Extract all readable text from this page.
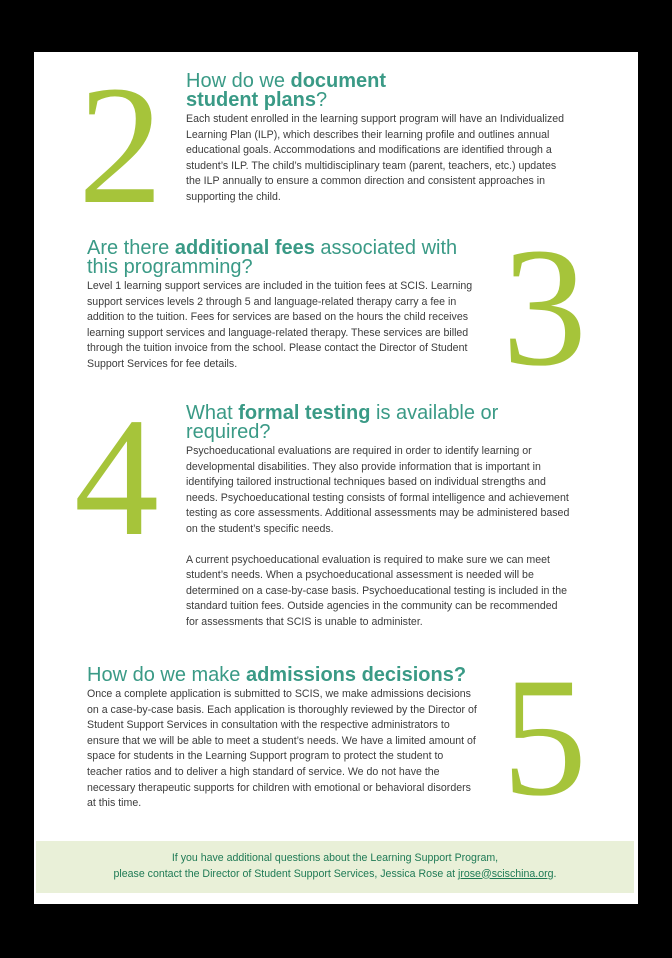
2 How do we document
student plans?

Each student enrolled in the learning support program will have an Individualized Learning Plan (ILP), which describes their learning profile and outlines annual educational goals. Accommodations and modifications are identified through a student’s ILP. The child’s multidisciplinary team (parent, teachers, etc.) updates the ILP annually to ensure a common direction and consistent approaches in supporting the child.

3
Are there additional fees associated with this programming?

Level 1 learning support services are included in the tuition fees at SCIS. Learning support services levels 2 through 5 and language-related therapy carry a fee in addition to the tuition. Fees for services are based on the hours the child receives learning support services and language-related therapy. These services are billed through the tuition invoice from the school. Please contact the Director of Student Support Services for fee details.

4 What formal testing is available or required?

Psychoeducational evaluations are required in order to identify learning or developmental disabilities. They also provide information that is important in identifying tailored instructional techniques based on individual strengths and needs. Psychoeducational testing consists of formal intelligence and achievement testing as core assessments. Additional assessments may be administered based on the student’s specific needs.

A current psychoeducational evaluation is required to make sure we can meet student’s needs. When a psychoeducational assessment is needed will be determined on a case-by-case basis. Psychoeducational testing is included in the standard tuition fees. Outside agencies in the community can be recommended for assessments that SCIS is unable to administer.

5
How do we make admissions decisions?

Once a complete application is submitted to SCIS, we make admissions decisions on a case-by-case basis. Each application is thoroughly reviewed by the Director of Student Support Services in consultation with the respective administrators to ensure that we will be able to meet a student’s needs. We have a limited amount of space for students in the Learning Support program to protect the student to teacher ratios and to deliver a high standard of service. We do not have the necessary therapeutic supports for children with emotional or behavioral disorders at this time.

If you have additional questions about the Learning Support Program,
please contact the Director of Student Support Services, Jessica Rose at jrose@scischina.org.
